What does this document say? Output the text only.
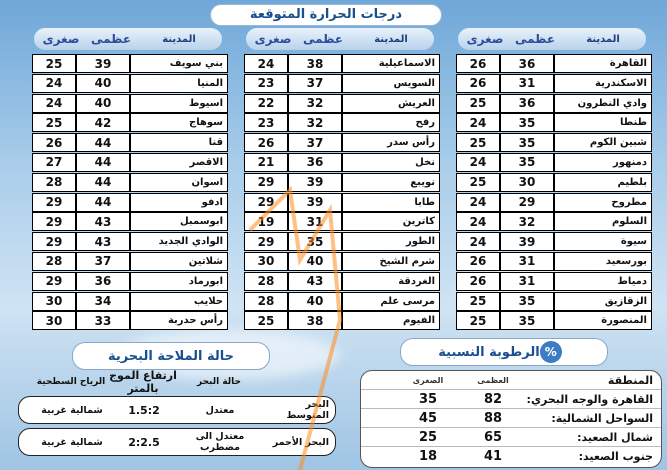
درجات الحرارة المتوقعة
المدينة
عظمى
صغرى
القاهرة
36
26
الاسكندرية
31
26
وادي النطرون
36
25
طنطا
35
24
شبين الكوم
35
25
دمنهور
35
24
بلطيم
30
25
مطروح
29
24
السلوم
32
24
سيوة
39
24
بورسعيد
31
26
دمياط
31
26
الزقازيق
35
25
المنصورة
35
25
المدينة
عظمى
صغرى
الاسماعيلية
38
24
السويس
37
23
العريش
32
22
رفح
32
23
رأس سدر
37
26
نخل
36
21
نويبع
39
29
طابا
39
29
كاترين
31
19
الطور
35
29
شرم الشيخ
40
30
الغردقة
43
28
مرسى علم
40
28
الفيوم
38
25
المدينة
عظمى
صغرى
بني سويف
39
25
المنيا
40
24
اسيوط
40
24
سوهاج
42
25
قنا
44
26
الاقصر
44
27
اسوان
44
28
ادفو
44
29
ابوسمبل
43
29
الوادي الجديد
43
29
شلاتين
37
28
ابورماد
36
29
حلايب
34
30
رأس حدربة
33
30
حالة الملاحة البحرية
حالة البحر
ارتفاع الموج بالمتر
الرياح السطحية
البحر المتوسط
معتدل
1.5:2
شمالية غربية
البحر الأحمر
معتدل الى مضطرب
2:2.5
شمالية غربية
الرطوبة النسبية %
المنطقة
العظمى
الصغرى
القاهرة والوجه البحري:
82
35
السواحل الشمالية:
88
45
شمال الصعيد:
65
25
جنوب الصعيد:
41
18
